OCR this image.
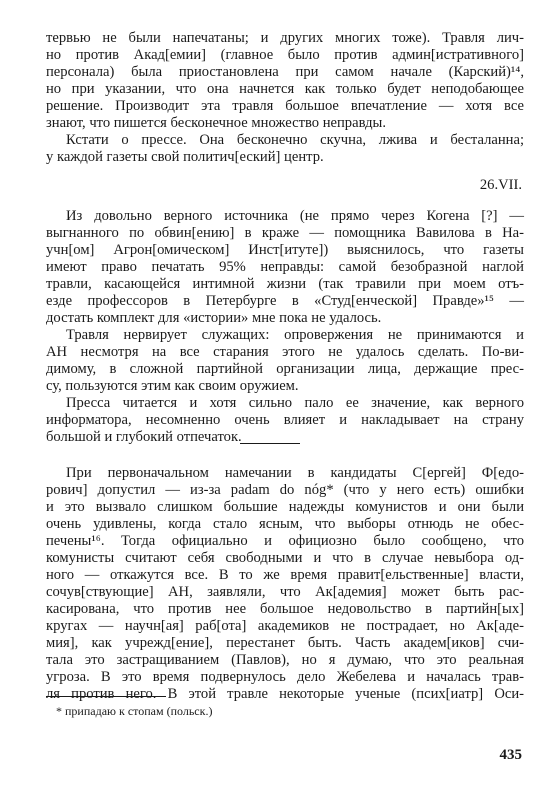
тервью не были напечатаны; и других многих тоже). Травля лич-
но против Акад[емии] (главное было против админ[истративного]
персонала) была приостановлена при самом начале (Карский)¹⁴,
но при указании, что она начнется как только будет неподобающее
решение. Производит эта травля большое впечатление — хотя все
знают, что пишется бесконечное множество неправды.
Кстати о прессе. Она бесконечно скучна, лжива и бесталанна;
у каждой газеты свой политич[еский] центр.
26.VII.
Из довольно верного источника (не прямо через Когена [?] —
выгнанного по обвин[ению] в краже — помощника Вавилова в На-
учн[ом] Агрон[омическом] Инст[итуте]) выяснилось, что газеты
имеют право печатать 95% неправды: самой безобразной наглой
травли, касающейся интимной жизни (так травили при моем отъ-
езде профессоров в Петербурге в «Студ[енческой] Правде»¹⁵ —
достать комплект для «истории» мне пока не удалось.
Травля нервирует служащих: опровержения не принимаются и
АН несмотря на все старания этого не удалось сделать. По-ви-
димому, в сложной партийной организации лица, держащие прес-
су, пользуются этим как своим оружием.
Пресса читается и хотя сильно пало ее значение, как верного
информатора, несомненно очень влияет и накладывает на страну
большой и глубокий отпечаток.
При первоначальном намечании в кандидаты С[ергей] Ф[едо-
рович] допустил — из-за padam do nóg* (что у него есть) ошибки
и это вызвало слишком большие надежды комунистов и они были
очень удивлены, когда стало ясным, что выборы отнюдь не обес-
печены¹⁶. Тогда официально и официозно было сообщено, что
комунисты считают себя свободными и что в случае невыбора од-
ного — откажутся все. В то же время правит[ельственные] власти,
сочув[ствующие] АН, заявляли, что Ак[адемия] может быть рас-
касирована, что против нее большое недовольство в партийн[ых]
кругах — научн[ая] раб[ота] академиков не пострадает, но Ак[аде-
мия], как учрежд[ение], перестанет быть. Часть академ[иков] счи-
тала это застращиванием (Павлов), но я думаю, что это реальная
угроза. В это время подвернулось дело Жебелева и началась трав-
ля против него. В этой травле некоторые ученые (псих[иатр] Оси-
* припадаю к стопам (польск.)
435
